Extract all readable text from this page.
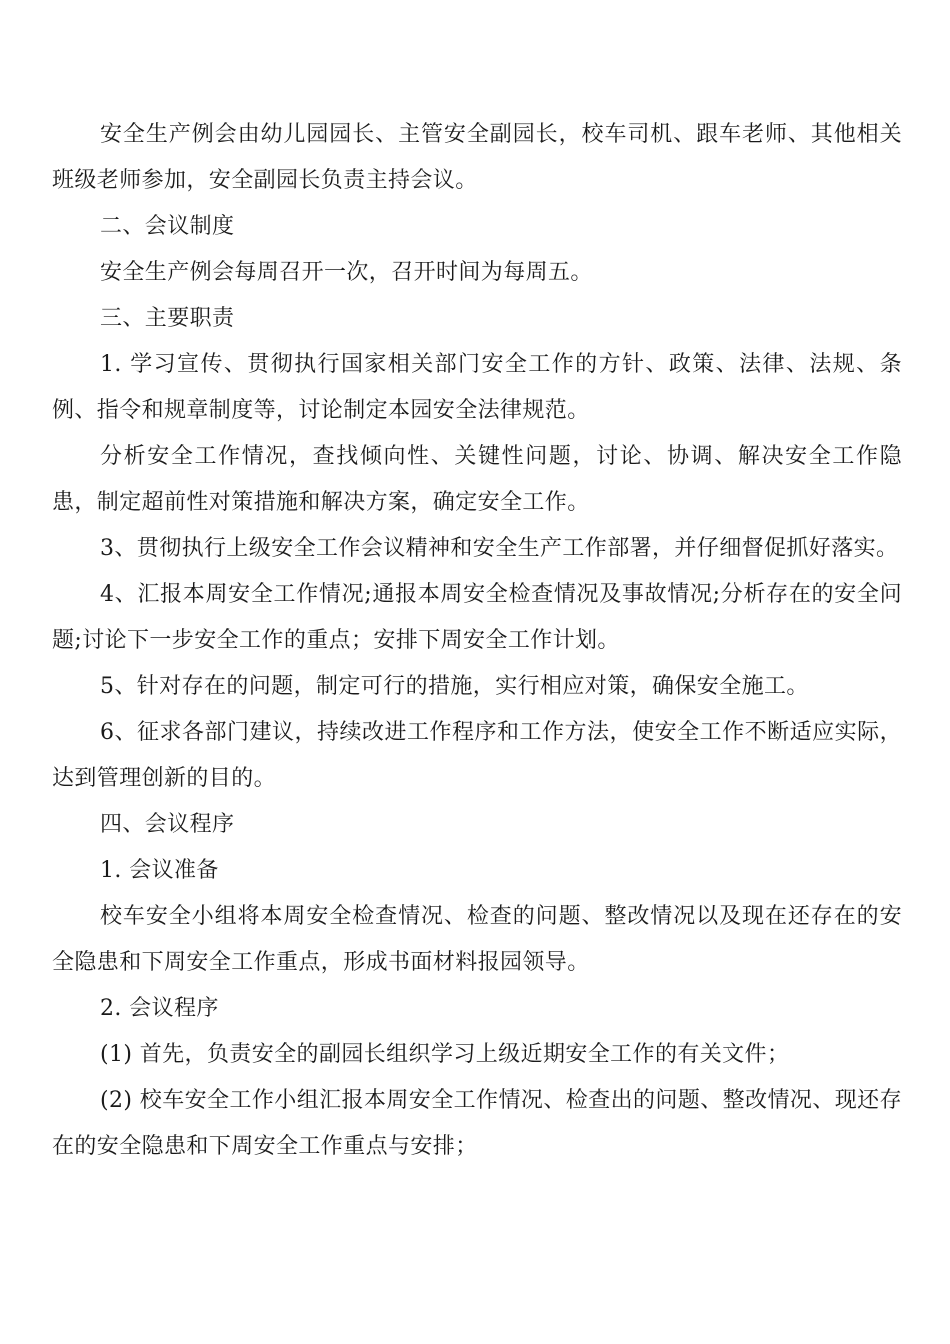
安全生产例会由幼儿园园长、主管安全副园长，校车司机、跟车老师、其他相关班级老师参加，安全副园长负责主持会议。

二、会议制度

安全生产例会每周召开一次，召开时间为每周五。

三、主要职责

1. 学习宣传、贯彻执行国家相关部门安全工作的方针、政策、法律、法规、条例、指令和规章制度等，讨论制定本园安全法律规范。

分析安全工作情况，查找倾向性、关键性问题，讨论、协调、解决安全工作隐患，制定超前性对策措施和解决方案，确定安全工作。

3、贯彻执行上级安全工作会议精神和安全生产工作部署，并仔细督促抓好落实。

4、汇报本周安全工作情况;通报本周安全检查情况及事故情况;分析存在的安全问题;讨论下一步安全工作的重点；安排下周安全工作计划。

5、针对存在的问题，制定可行的措施，实行相应对策，确保安全施工。

6、征求各部门建议，持续改进工作程序和工作方法，使安全工作不断适应实际，达到管理创新的目的。

四、会议程序

1. 会议准备

校车安全小组将本周安全检查情况、检查的问题、整改情况以及现在还存在的安全隐患和下周安全工作重点，形成书面材料报园领导。

2. 会议程序

(1) 首先，负责安全的副园长组织学习上级近期安全工作的有关文件；

(2) 校车安全工作小组汇报本周安全工作情况、检查出的问题、整改情况、现还存在的安全隐患和下周安全工作重点与安排；
